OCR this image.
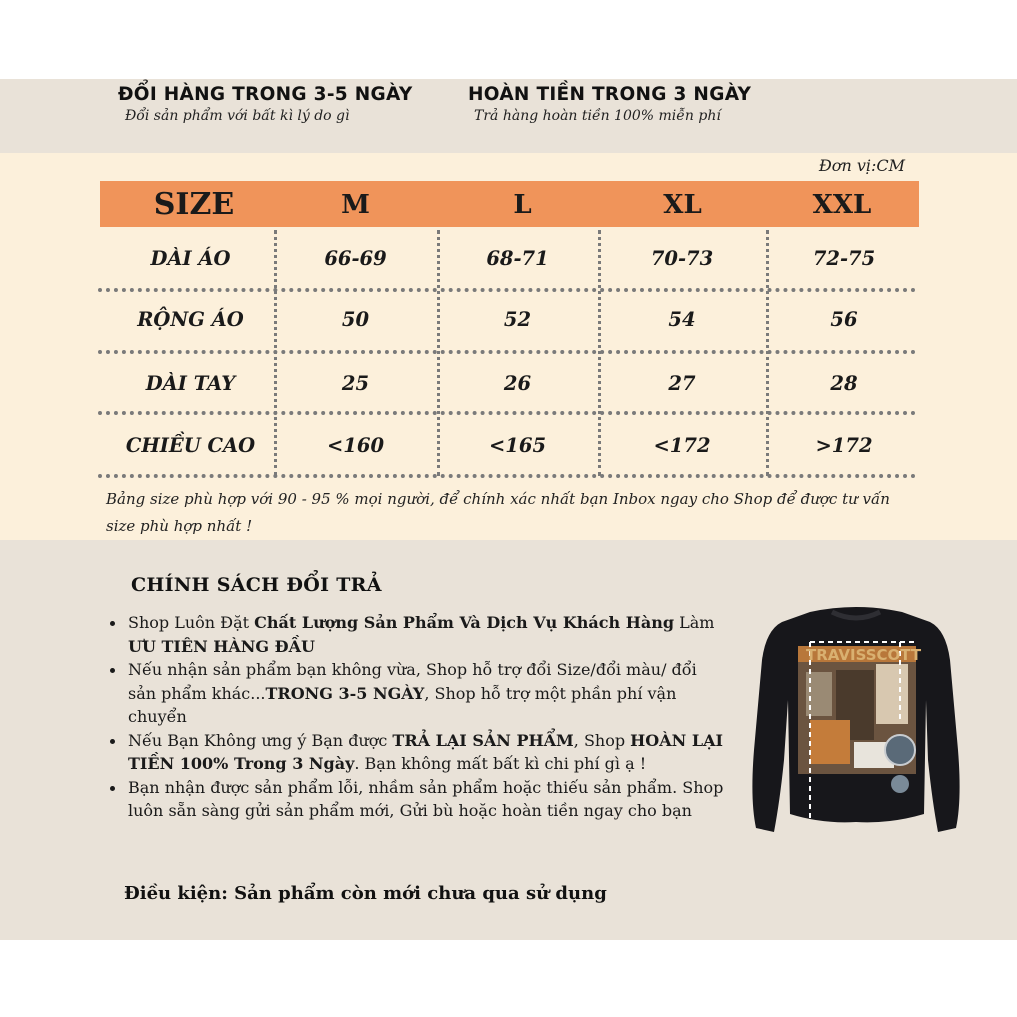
ĐỔI HÀNG TRONG 3-5 NGÀY
Đổi sản phẩm với bất kì lý do gì
HOÀN TIỀN TRONG 3 NGÀY
Trả hàng hoàn tiền 100% miễn phí
Đơn vị:CM
SIZE	M	L	XL	XXL
DÀI ÁO	66-69	68-71	70-73	72-75
RỘNG ÁO	50	52	54	56
DÀI TAY	25	26	27	28
CHIỀU CAO	<160	<165	<172	>172
Bảng size phù hợp với 90 - 95 % mọi người, để chính xác nhất bạn Inbox ngay cho Shop để được tư vấn size phù hợp nhất !
CHÍNH SÁCH ĐỔI TRẢ
Shop Luôn Đặt Chất Lượng Sản Phẩm Và Dịch Vụ Khách Hàng Làm ƯU TIÊN HÀNG ĐẦU
Nếu nhận sản phẩm bạn không vừa, Shop hỗ trợ đổi Size/đổi màu/ đổi sản phẩm khác...TRONG 3-5 NGÀY, Shop hỗ trợ một phần phí vận chuyển
Nếu Bạn Không ưng ý Bạn được TRẢ LẠI SẢN PHẨM, Shop HOÀN LẠI TIỀN 100% Trong 3 Ngày. Bạn không mất bất kì chi phí gì ạ !
Bạn nhận được sản phẩm lỗi, nhầm sản phẩm hoặc thiếu sản phẩm. Shop luôn sẵn sàng gửi sản phẩm mới, Gửi bù hoặc hoàn tiền ngay cho bạn
Điều kiện: Sản phẩm còn mới chưa qua sử dụng
TRAVISSCOTT
